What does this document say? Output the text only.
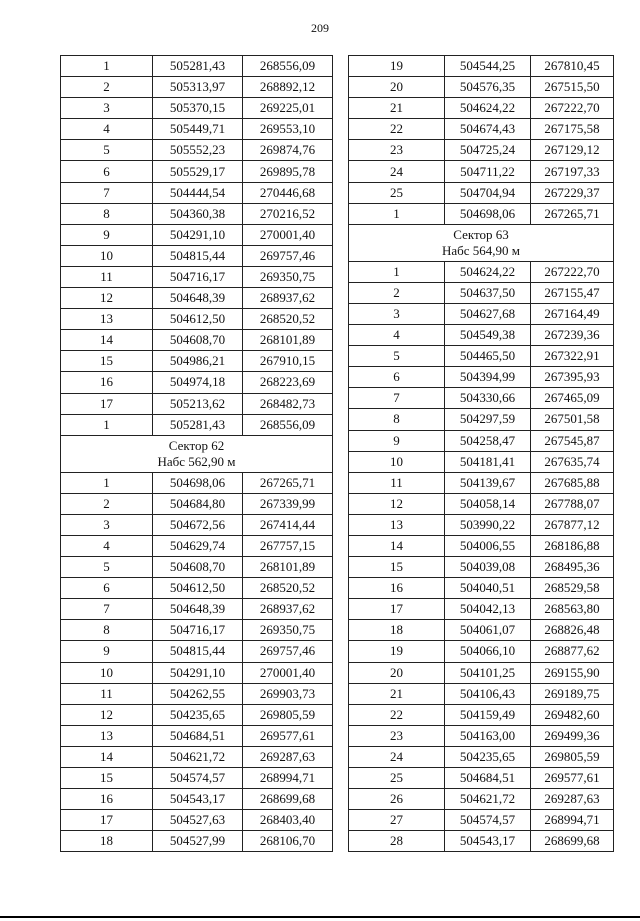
209
1	505281,43	268556,09
2	505313,97	268892,12
3	505370,15	269225,01
4	505449,71	269553,10
5	505552,23	269874,76
6	505529,17	269895,78
7	504444,54	270446,68
8	504360,38	270216,52
9	504291,10	270001,40
10	504815,44	269757,46
11	504716,17	269350,75
12	504648,39	268937,62
13	504612,50	268520,52
14	504608,70	268101,89
15	504986,21	267910,15
16	504974,18	268223,69
17	505213,62	268482,73
1	505281,43	268556,09

Сектор 62
Набс 562,90 м		

1	504698,06	267265,71
2	504684,80	267339,99
3	504672,56	267414,44
4	504629,74	267757,15
5	504608,70	268101,89
6	504612,50	268520,52
7	504648,39	268937,62
8	504716,17	269350,75
9	504815,44	269757,46
10	504291,10	270001,40
11	504262,55	269903,73
12	504235,65	269805,59
13	504684,51	269577,61
14	504621,72	269287,63
15	504574,57	268994,71
16	504543,17	268699,68
17	504527,63	268403,40
18	504527,99	268106,70
19	504544,25	267810,45
20	504576,35	267515,50
21	504624,22	267222,70
22	504674,43	267175,58
23	504725,24	267129,12
24	504711,22	267197,33
25	504704,94	267229,37
1	504698,06	267265,71

Сектор 63
Набс 564,90 м		

1	504624,22	267222,70
2	504637,50	267155,47
3	504627,68	267164,49
4	504549,38	267239,36
5	504465,50	267322,91
6	504394,99	267395,93
7	504330,66	267465,09
8	504297,59	267501,58
9	504258,47	267545,87
10	504181,41	267635,74
11	504139,67	267685,88
12	504058,14	267788,07
13	503990,22	267877,12
14	504006,55	268186,88
15	504039,08	268495,36
16	504040,51	268529,58
17	504042,13	268563,80
18	504061,07	268826,48
19	504066,10	268877,62
20	504101,25	269155,90
21	504106,43	269189,75
22	504159,49	269482,60
23	504163,00	269499,36
24	504235,65	269805,59
25	504684,51	269577,61
26	504621,72	269287,63
27	504574,57	268994,71
28	504543,17	268699,68
